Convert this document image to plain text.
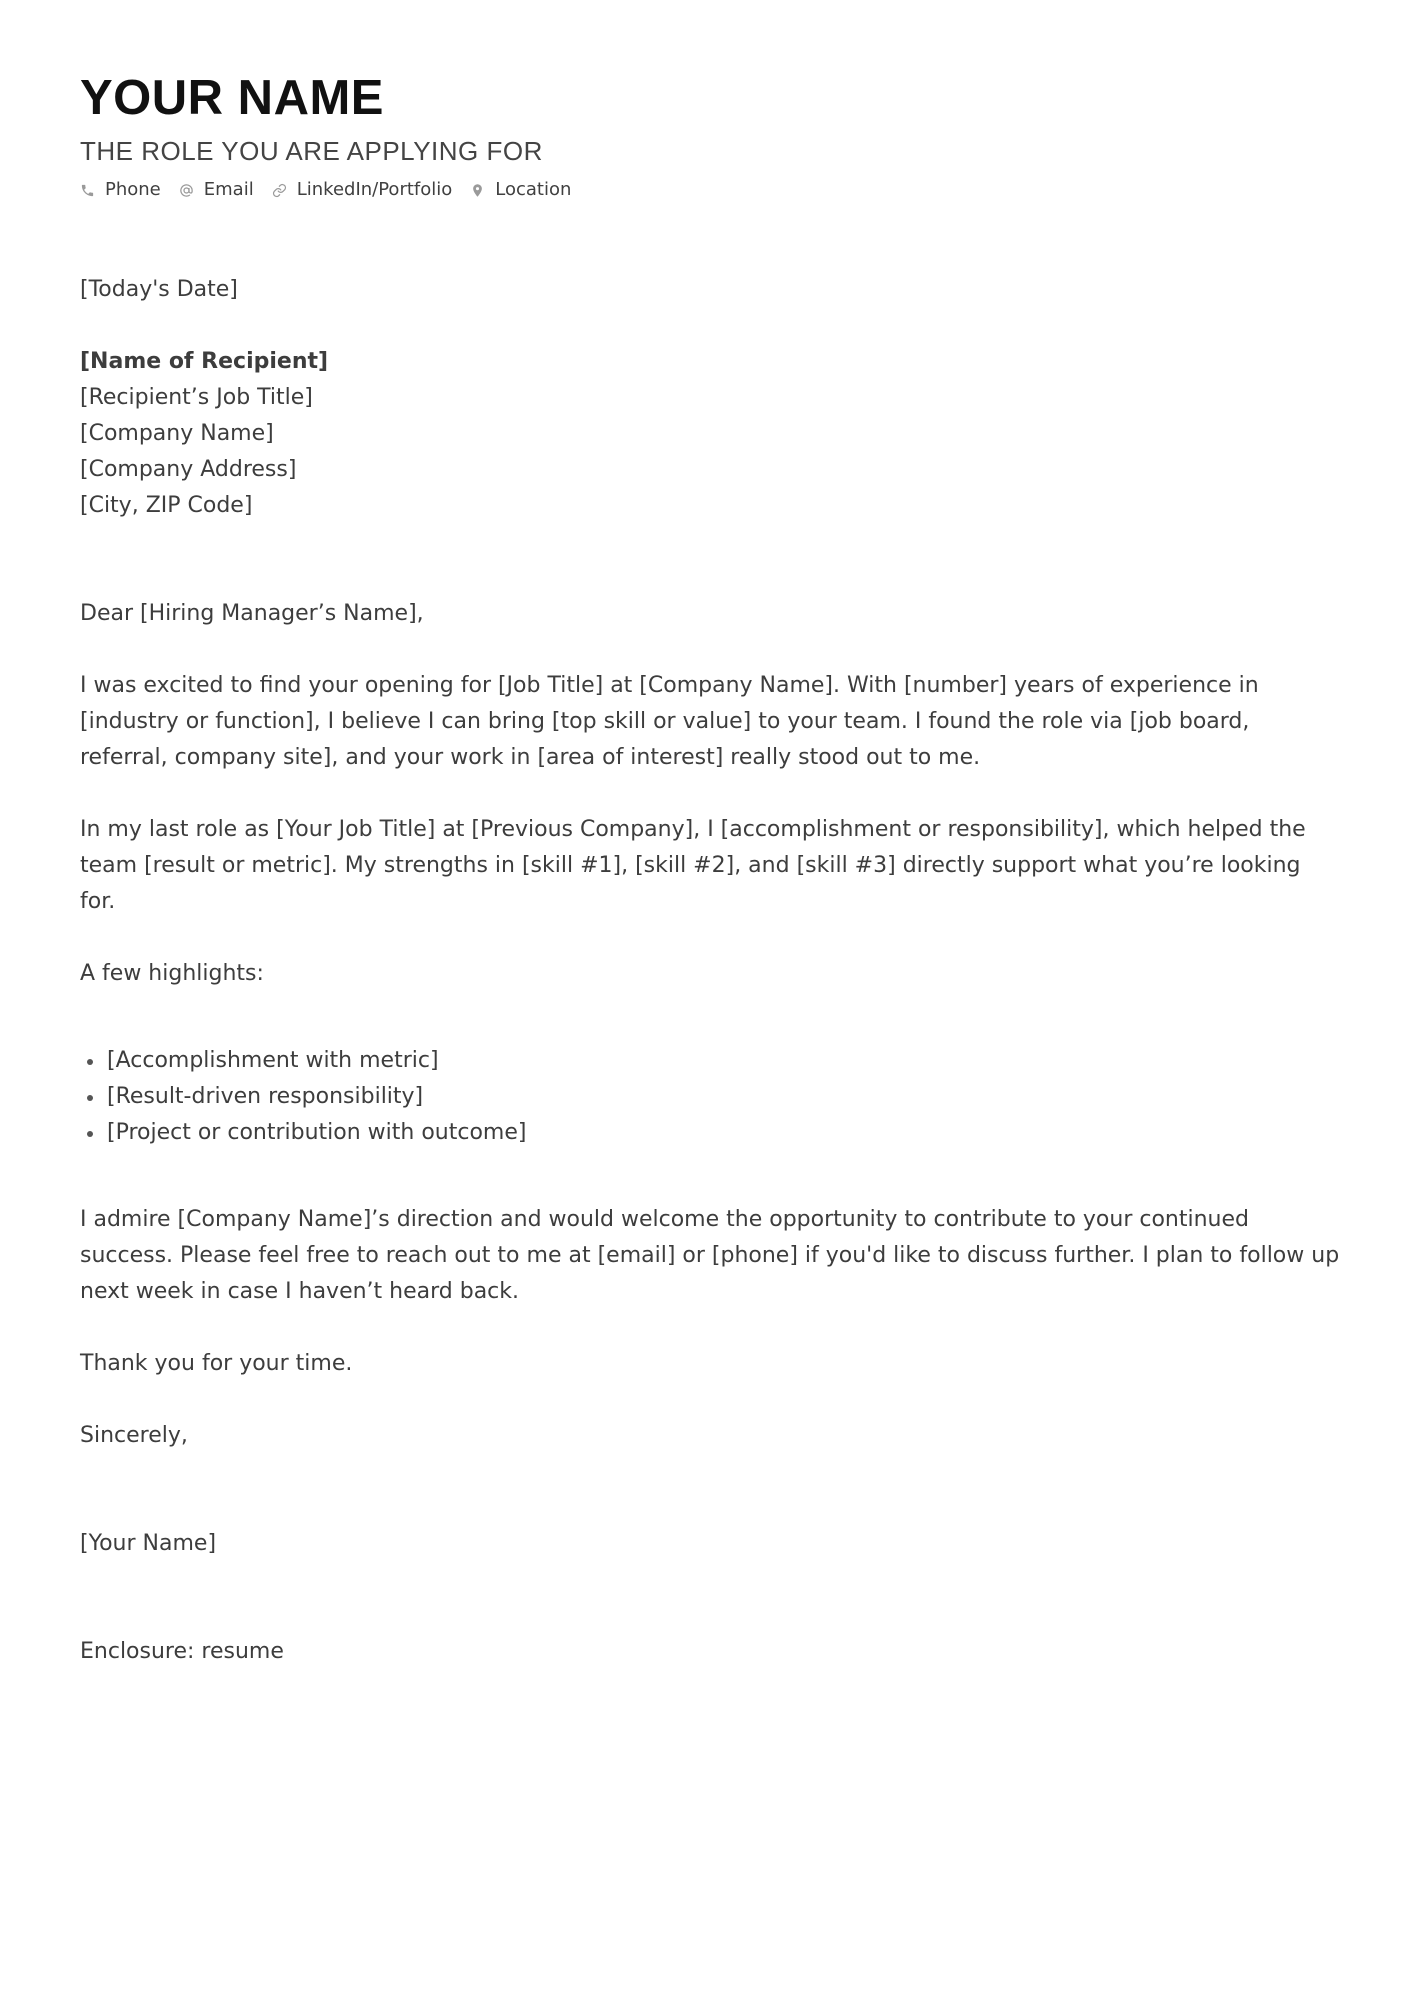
YOUR NAME
THE ROLE YOU ARE APPLYING FOR
Phone Email LinkedIn/Portfolio Location
[Today's Date]
[Name of Recipient]
[Recipient’s Job Title]
[Company Name]
[Company Address]
[City, ZIP Code]
Dear [Hiring Manager’s Name],
I was excited to find your opening for [Job Title] at [Company Name]. With [number] years of experience in [industry or function], I believe I can bring [top skill or value] to your team. I found the role via [job board, referral, company site], and your work in [area of interest] really stood out to me.
In my last role as [Your Job Title] at [Previous Company], I [accomplishment or responsibility], which helped the team [result or metric]. My strengths in [skill #1], [skill #2], and [skill #3] directly support what you’re looking for.
A few highlights:
[Accomplishment with metric]
[Result-driven responsibility]
[Project or contribution with outcome]
I admire [Company Name]’s direction and would welcome the opportunity to contribute to your continued success. Please feel free to reach out to me at [email] or [phone] if you'd like to discuss further. I plan to follow up next week in case I haven’t heard back.
Thank you for your time.
Sincerely,
[Your Name]
Enclosure: resume
